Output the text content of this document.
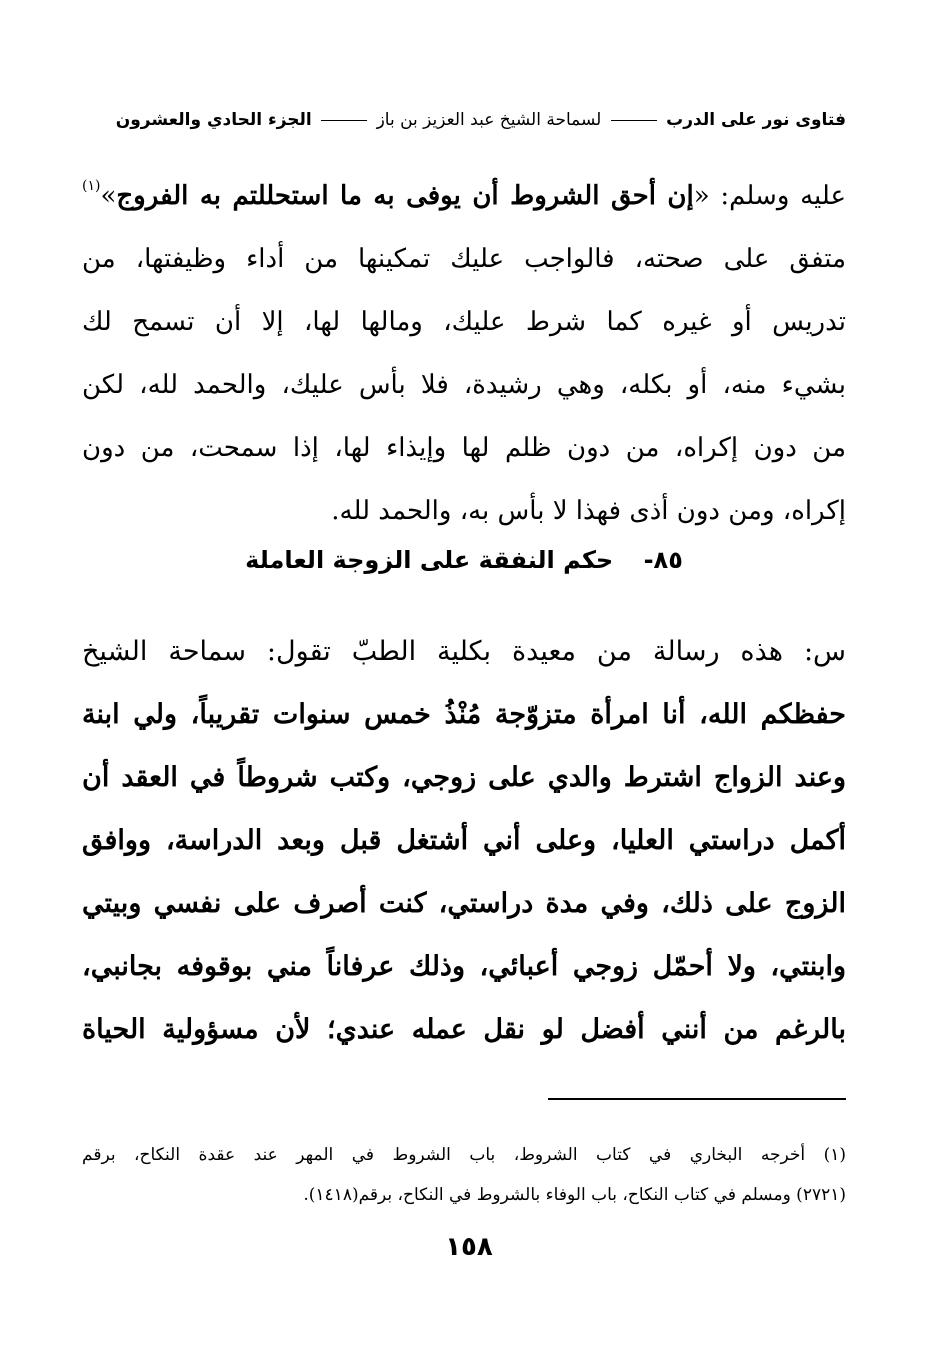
فتاوى نور على الدرب  لسماحة الشيخ عبد العزيز بن باز  الجزء الحادي والعشرون
عليه وسلم: «إن أحق الشروط أن يوفى به ما استحللتم به الفروج»$^{(١)}$
متفق على صحته، فالواجب عليك تمكينها من أداء وظيفتها، من
تدريس أو غيره كما شرط عليك، ومالها لها، إلا أن تسمح لك
بشيء منه، أو بكله، وهي رشيدة، فلا بأس عليك، والحمد لله، لكن
من دون إكراه، من دون ظلم لها وإيذاء لها، إذا سمحت، من دون
إكراه، ومن دون أذى فهذا لا بأس به، والحمد لله.
٨٥- حكم النفقة على الزوجة العاملة
س: هذه رسالة من معيدة بكلية الطبّ تقول: سماحة الشيخ
حفظكم الله، أنا امرأة متزوّجة مُنْذُ خمس سنوات تقريباً، ولي ابنة
وعند الزواج اشترط والدي على زوجي، وكتب شروطاً في العقد أن
أكمل دراستي العليا، وعلى أني أشتغل قبل وبعد الدراسة، ووافق
الزوج على ذلك، وفي مدة دراستي، كنت أصرف على نفسي وبيتي
وابنتي، ولا أحمّل زوجي أعبائي، وذلك عرفاناً مني بوقوفه بجانبي،
بالرغم من أنني أفضل لو نقل عمله عندي؛ لأن مسؤولية الحياة
(١) أخرجه البخاري في كتاب الشروط، باب الشروط في المهر عند عقدة النكاح، برقم
(٢٧٢١) ومسلم في كتاب النكاح، باب الوفاء بالشروط في النكاح، برقم(١٤١٨).
١٥٨
